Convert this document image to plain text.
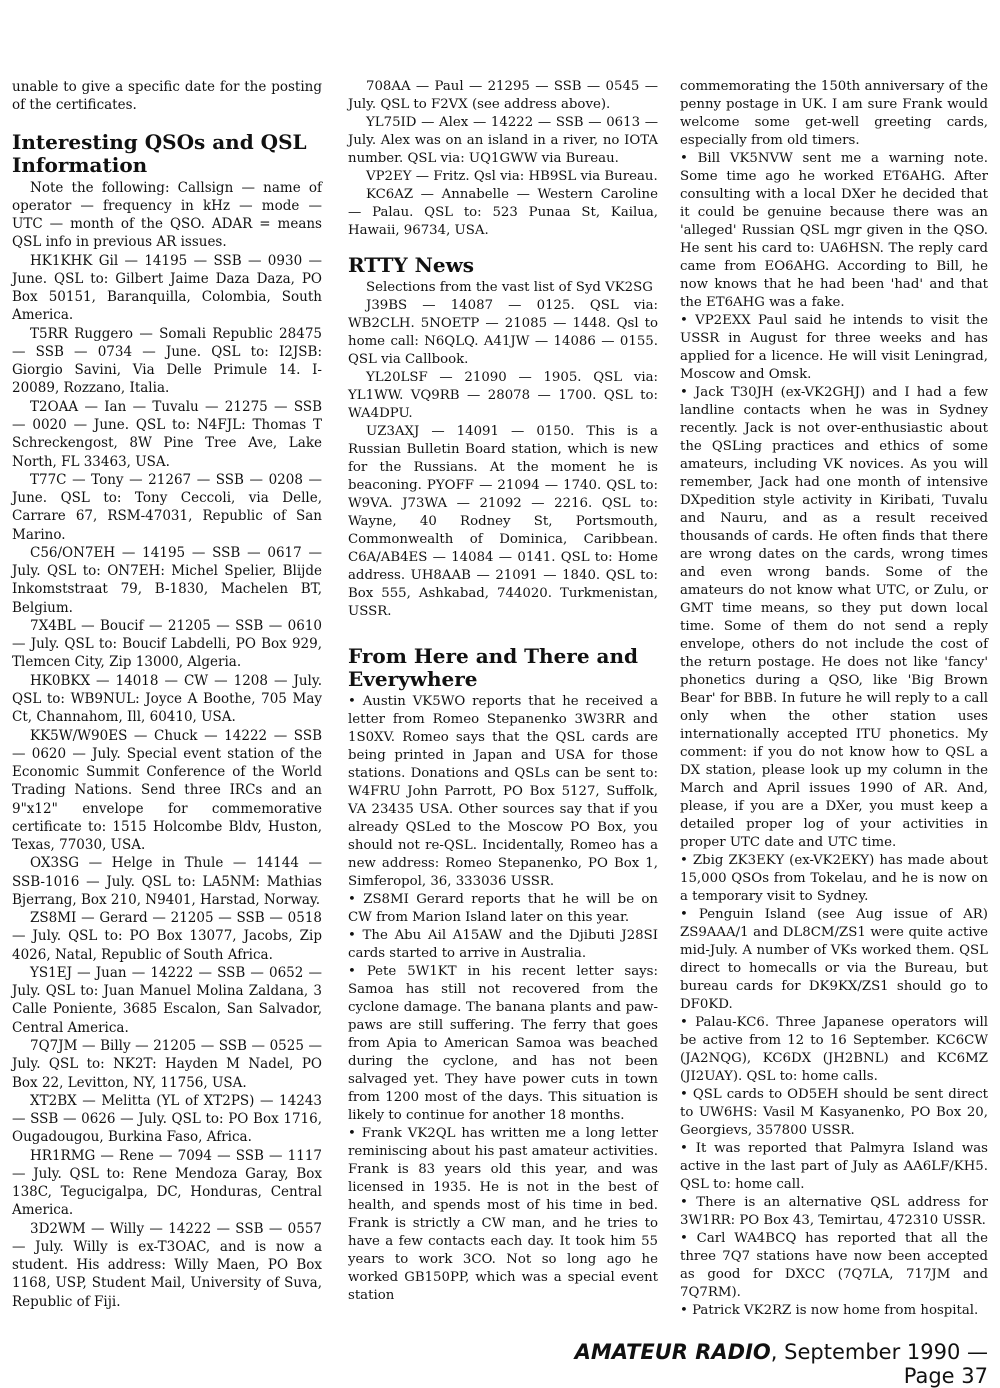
unable to give a specific date for the posting of the certificates.

Interesting QSOs and QSL Information

Note the following: Callsign — name of operator — frequency in kHz — mode — UTC — month of the QSO. ADAR = means QSL info in previous AR issues.

HK1KHK Gil — 14195 — SSB — 0930 — June. QSL to: Gilbert Jaime Daza Daza, PO Box 50151, Baranquilla, Colombia, South America.

T5RR Ruggero — Somali Republic 28475 — SSB — 0734 — June. QSL to: I2JSB: Giorgio Savini, Via Delle Primule 14. I-20089, Rozzano, Italia.

T2OAA — Ian — Tuvalu — 21275 — SSB — 0020 — June. QSL to: N4FJL: Thomas T Schreckengost, 8W Pine Tree Ave, Lake North, FL 33463, USA.

T77C — Tony — 21267 — SSB — 0208 — June. QSL to: Tony Ceccoli, via Delle, Carrare 67, RSM-47031, Republic of San Marino.

C56/ON7EH — 14195 — SSB — 0617 — July. QSL to: ON7EH: Michel Spelier, Blijde Inkomststraat 79, B-1830, Machelen BT, Belgium.

7X4BL — Boucif — 21205 — SSB — 0610 — July. QSL to: Boucif Labdelli, PO Box 929, Tlemcen City, Zip 13000, Algeria.

HK0BKX — 14018 — CW — 1208 — July. QSL to: WB9NUL: Joyce A Boothe, 705 May Ct, Channahom, Ill, 60410, USA.

KK5W/W90ES — Chuck — 14222 — SSB — 0620 — July. Special event station of the Economic Summit Conference of the World Trading Nations. Send three IRCs and an 9"x12" envelope for commemorative certificate to: 1515 Holcombe Bldv, Huston, Texas, 77030, USA.

OX3SG — Helge in Thule — 14144 — SSB-1016 — July. QSL to: LA5NM: Mathias Bjerrang, Box 210, N9401, Harstad, Norway.

ZS8MI — Gerard — 21205 — SSB — 0518 — July. QSL to: PO Box 13077, Jacobs, Zip 4026, Natal, Republic of South Africa.

YS1EJ — Juan — 14222 — SSB — 0652 — July. QSL to: Juan Manuel Molina Zaldana, 3 Calle Poniente, 3685 Escalon, San Salvador, Central America.

7Q7JM — Billy — 21205 — SSB — 0525 — July. QSL to: NK2T: Hayden M Nadel, PO Box 22, Levitton, NY, 11756, USA.

XT2BX — Melitta (YL of XT2PS) — 14243 — SSB — 0626 — July. QSL to: PO Box 1716, Ougadougou, Burkina Faso, Africa.

HR1RMG — Rene — 7094 — SSB — 1117 — July. QSL to: Rene Mendoza Garay, Box 138C, Tegucigalpa, DC, Honduras, Central America.

3D2WM — Willy — 14222 — SSB — 0557 — July. Willy is ex-T3OAC, and is now a student. His address: Willy Maen, PO Box 1168, USP, Student Mail, University of Suva, Republic of Fiji.

708AA — Paul — 21295 — SSB — 0545 — July. QSL to F2VX (see address above).

YL75ID — Alex — 14222 — SSB — 0613 — July. Alex was on an island in a river, no IOTA number. QSL via: UQ1GWW via Bureau.

VP2EY — Fritz. Qsl via: HB9SL via Bureau.

KC6AZ — Annabelle — Western Caroline — Palau. QSL to: 523 Punaa St, Kailua, Hawaii, 96734, USA.

RTTY News

Selections from the vast list of Syd VK2SG

J39BS — 14087 — 0125. QSL via: WB2CLH. 5NOETP — 21085 — 1448. Qsl to home call: N6QLQ. A41JW — 14086 — 0155. QSL via Callbook.

YL20LSF — 21090 — 1905. QSL via: YL1WW. VQ9RB — 28078 — 1700. QSL to: WA4DPU.

UZ3AXJ — 14091 — 0150. This is a Russian Bulletin Board station, which is new for the Russians. At the moment he is beaconing. PYOFF — 21094 — 1740. QSL to: W9VA. J73WA — 21092 — 2216. QSL to: Wayne, 40 Rodney St, Portsmouth, Commonwealth of Dominica, Caribbean. C6A/AB4ES — 14084 — 0141. QSL to: Home address. UH8AAB — 21091 — 1840. QSL to: Box 555, Ashkabad, 744020. Turkmenistan, USSR.

From Here and There and Everywhere

• Austin VK5WO reports that he received a letter from Romeo Stepanenko 3W3RR and 1S0XV. Romeo says that the QSL cards are being printed in Japan and USA for those stations. Donations and QSLs can be sent to: W4FRU John Parrott, PO Box 5127, Suffolk, VA 23435 USA. Other sources say that if you already QSLed to the Moscow PO Box, you should not re-QSL. Incidentally, Romeo has a new address: Romeo Stepanenko, PO Box 1, Simferopol, 36, 333036 USSR.

• ZS8MI Gerard reports that he will be on CW from Marion Island later on this year.

• The Abu Ail A15AW and the Djibuti J28SI cards started to arrive in Australia.

• Pete 5W1KT in his recent letter says: Samoa has still not recovered from the cyclone damage. The banana plants and paw-paws are still suffering. The ferry that goes from Apia to American Samoa was beached during the cyclone, and has not been salvaged yet. They have power cuts in town from 1200 most of the days. This situation is likely to continue for another 18 months.

• Frank VK2QL has written me a long letter reminiscing about his past amateur activities. Frank is 83 years old this year, and was licensed in 1935. He is not in the best of health, and spends most of his time in bed. Frank is strictly a CW man, and he tries to have a few contacts each day. It took him 55 years to work 3CO. Not so long ago he worked GB150PP, which was a special event station

commemorating the 150th anniversary of the penny postage in UK. I am sure Frank would welcome some get-well greeting cards, especially from old timers.

• Bill VK5NVW sent me a warning note. Some time ago he worked ET6AHG. After consulting with a local DXer he decided that it could be genuine because there was an 'alleged' Russian QSL mgr given in the QSO. He sent his card to: UA6HSN. The reply card came from EO6AHG. According to Bill, he now knows that he had been 'had' and that the ET6AHG was a fake.

• VP2EXX Paul said he intends to visit the USSR in August for three weeks and has applied for a licence. He will visit Leningrad, Moscow and Omsk.

• Jack T30JH (ex-VK2GHJ) and I had a few landline contacts when he was in Sydney recently. Jack is not over-enthusiastic about the QSLing practices and ethics of some amateurs, including VK novices. As you will remember, Jack had one month of intensive DXpedition style activity in Kiribati, Tuvalu and Nauru, and as a result received thousands of cards. He often finds that there are wrong dates on the cards, wrong times and even wrong bands. Some of the amateurs do not know what UTC, or Zulu, or GMT time means, so they put down local time. Some of them do not send a reply envelope, others do not include the cost of the return postage. He does not like 'fancy' phonetics during a QSO, like 'Big Brown Bear' for BBB. In future he will reply to a call only when the other station uses internationally accepted ITU phonetics. My comment: if you do not know how to QSL a DX station, please look up my column in the March and April issues 1990 of AR. And, please, if you are a DXer, you must keep a detailed proper log of your activities in proper UTC date and UTC time.

• Zbig ZK3EKY (ex-VK2EKY) has made about 15,000 QSOs from Tokelau, and he is now on a temporary visit to Sydney.

• Penguin Island (see Aug issue of AR) ZS9AAA/1 and DL8CM/ZS1 were quite active mid-July. A number of VKs worked them. QSL direct to homecalls or via the Bureau, but bureau cards for DK9KX/ZS1 should go to DF0KD.

• Palau-KC6. Three Japanese operators will be active from 12 to 16 September. KC6CW (JA2NQG), KC6DX (JH2BNL) and KC6MZ (JI2UAY). QSL to: home calls.

• QSL cards to OD5EH should be sent direct to UW6HS: Vasil M Kasyanenko, PO Box 20, Georgievs, 357800 USSR.

• It was reported that Palmyra Island was active in the last part of July as AA6LF/KH5. QSL to: home call.

• There is an alternative QSL address for 3W1RR: PO Box 43, Temirtau, 472310 USSR.

• Carl WA4BCQ has reported that all the three 7Q7 stations have now been accepted as good for DXCC (7Q7LA, 717JM and 7Q7RM).

• Patrick VK2RZ is now home from hospital.

AMATEUR RADIO, September 1990 — Page 37
